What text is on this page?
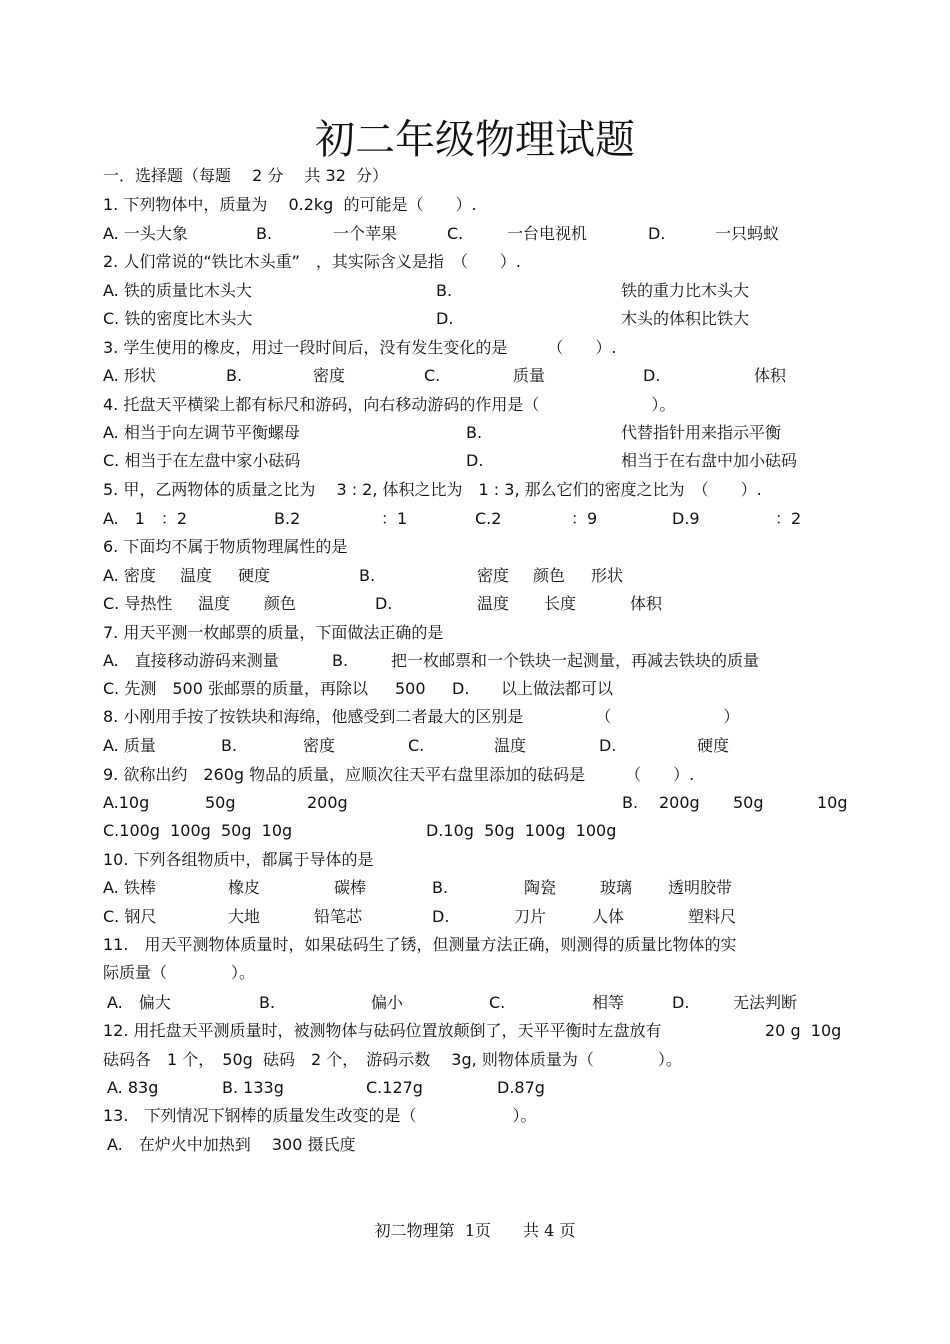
初二年级物理试题
一．选择题（每题　 2 分　 共 32  分）
1. 下列物体中，质量为　 0.2kg  的可能是（　　）.
A. 一头大象	B.	一个苹果	C.	一台电视机	D.	一只蚂蚁
2. 人们常说的“铁比木头重”　，其实际含义是指　（　　）.
A. 铁的质量比木头大	B.	铁的重力比木头大
C. 铁的密度比木头大	D.	木头的体积比铁大
3. 学生使用的橡皮，用过一段时间后，没有发生变化的是　　　（　　）.
A. 形状	B.	密度	C.	质量	D.	体积
4. 托盘天平横梁上都有标尺和游码，向右移动游码的作用是（　　　　　　　）。
A. 相当于向左调节平衡螺母	B.	代替指针用来指示平衡
C. 相当于在左盘中家小砝码	D.	相当于在右盘中加小砝码
5. 甲，乙两物体的质量之比为　 3 : 2, 体积之比为　1 : 3, 那么它们的密度之比为　（　　）.
A.　1　：2	B.2	：1	C.2	：9	D.9	：2
6. 下面均不属于物质物理属性的是
A. 密度 温度 硬度	B.	密度 颜色 形状
C. 导热性 温度 颜色	D.	温度 长度	体积
7. 用天平测一枚邮票的质量，下面做法正确的是
A.　直接移动游码来测量	B.	把一枚邮票和一个铁块一起测量，再减去铁块的质量
C. 先测　500 张邮票的质量，再除以 500 D. 以上做法都可以
8. 小刚用手按了按铁块和海绵，他感受到二者最大的区别是　　　　　（　　　　　　　）
A. 质量	B.	密度	C.	温度	D.	硬度
9. 欲称出约　260g 物品的质量，应顺次往天平右盘里添加的砝码是　　　（　　）.
A.10g	50g	200g	B. 200g 50g	10g
C.100g  100g  50g  10g	D.10g  50g  100g  100g
10. 下列各组物质中，都属于导体的是
A. 铁棒	橡皮	碳棒	B.	陶瓷	玻璃 透明胶带
C. 钢尺	大地	铅笔芯	D.	刀片	人体	塑料尺
11.　用天平测物体质量时，如果砝码生了锈，但测量方法正确，则测得的质量比物体的实
际质量（　　　　）。
A.　偏大	B.	偏小	C.	相等	D.	无法判断
12. 用托盘天平测质量时，被测物体与砝码位置放颠倒了，天平平衡时左盘放有	20 g  10g
砝码各　1 个，　50g  砝码　2 个，　游码示数　 3g, 则物体质量为（　　　　）。
A. 83g	B. 133g	C.127g	D.87g
13.　下列情况下钢棒的质量发生改变的是（　　　　　　）。
A.　在炉火中加热到　 300 摄氏度
初二物理第  1页　　共 4 页
